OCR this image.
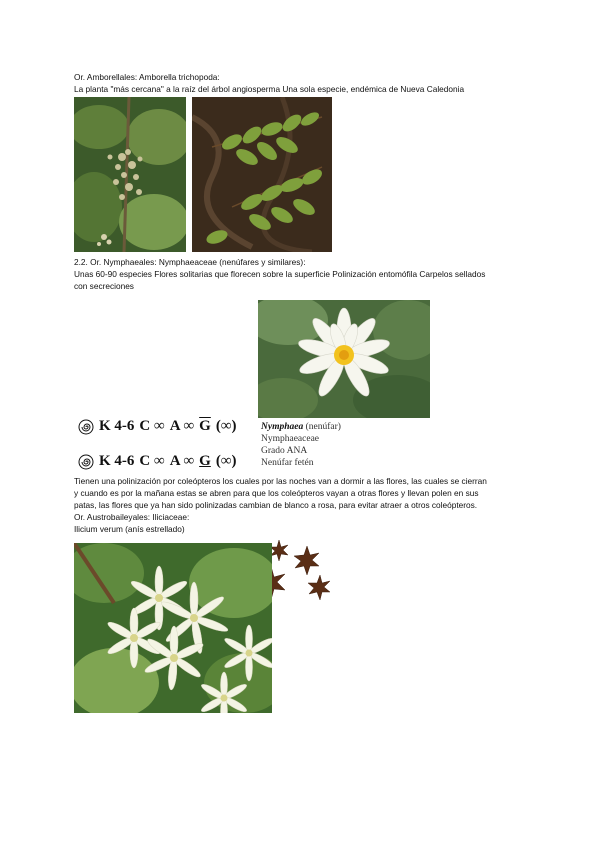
Or. Amborellales: Amborella trichopoda:
La planta "más cercana" a la raíz del árbol angiosperma Una sola especie, endémica de Nueva Caledonia
2.2. Or. Nymphaeales: Nymphaeaceae (nenúfares y similares):
Unas 60-90 especies Flores solitarias que florecen sobre la superficie Polinización entomófila Carpelos sellados
con secreciones
K 4-6 C ∞ A ∞ $\overline{G}$ (∞)
K 4-6 C ∞ A ∞ G (∞)
Nymphaea (nenúfar)
Nymphaeaceae
Grado ANA
Nenúfar fetén
Tienen una polinización por coleópteros los cuales por las noches van a dormir a las flores, las cuales se cierran
y cuando es por la mañana estas se abren para que los coleópteros vayan a otras flores y llevan polen en sus
patas, las flores que ya han sido polinizadas cambian de blanco a rosa, para evitar atraer a otros coleópteros.
Or. Austrobaileyales: Iliciaceae:
Ilicium verum (anís estrellado)
